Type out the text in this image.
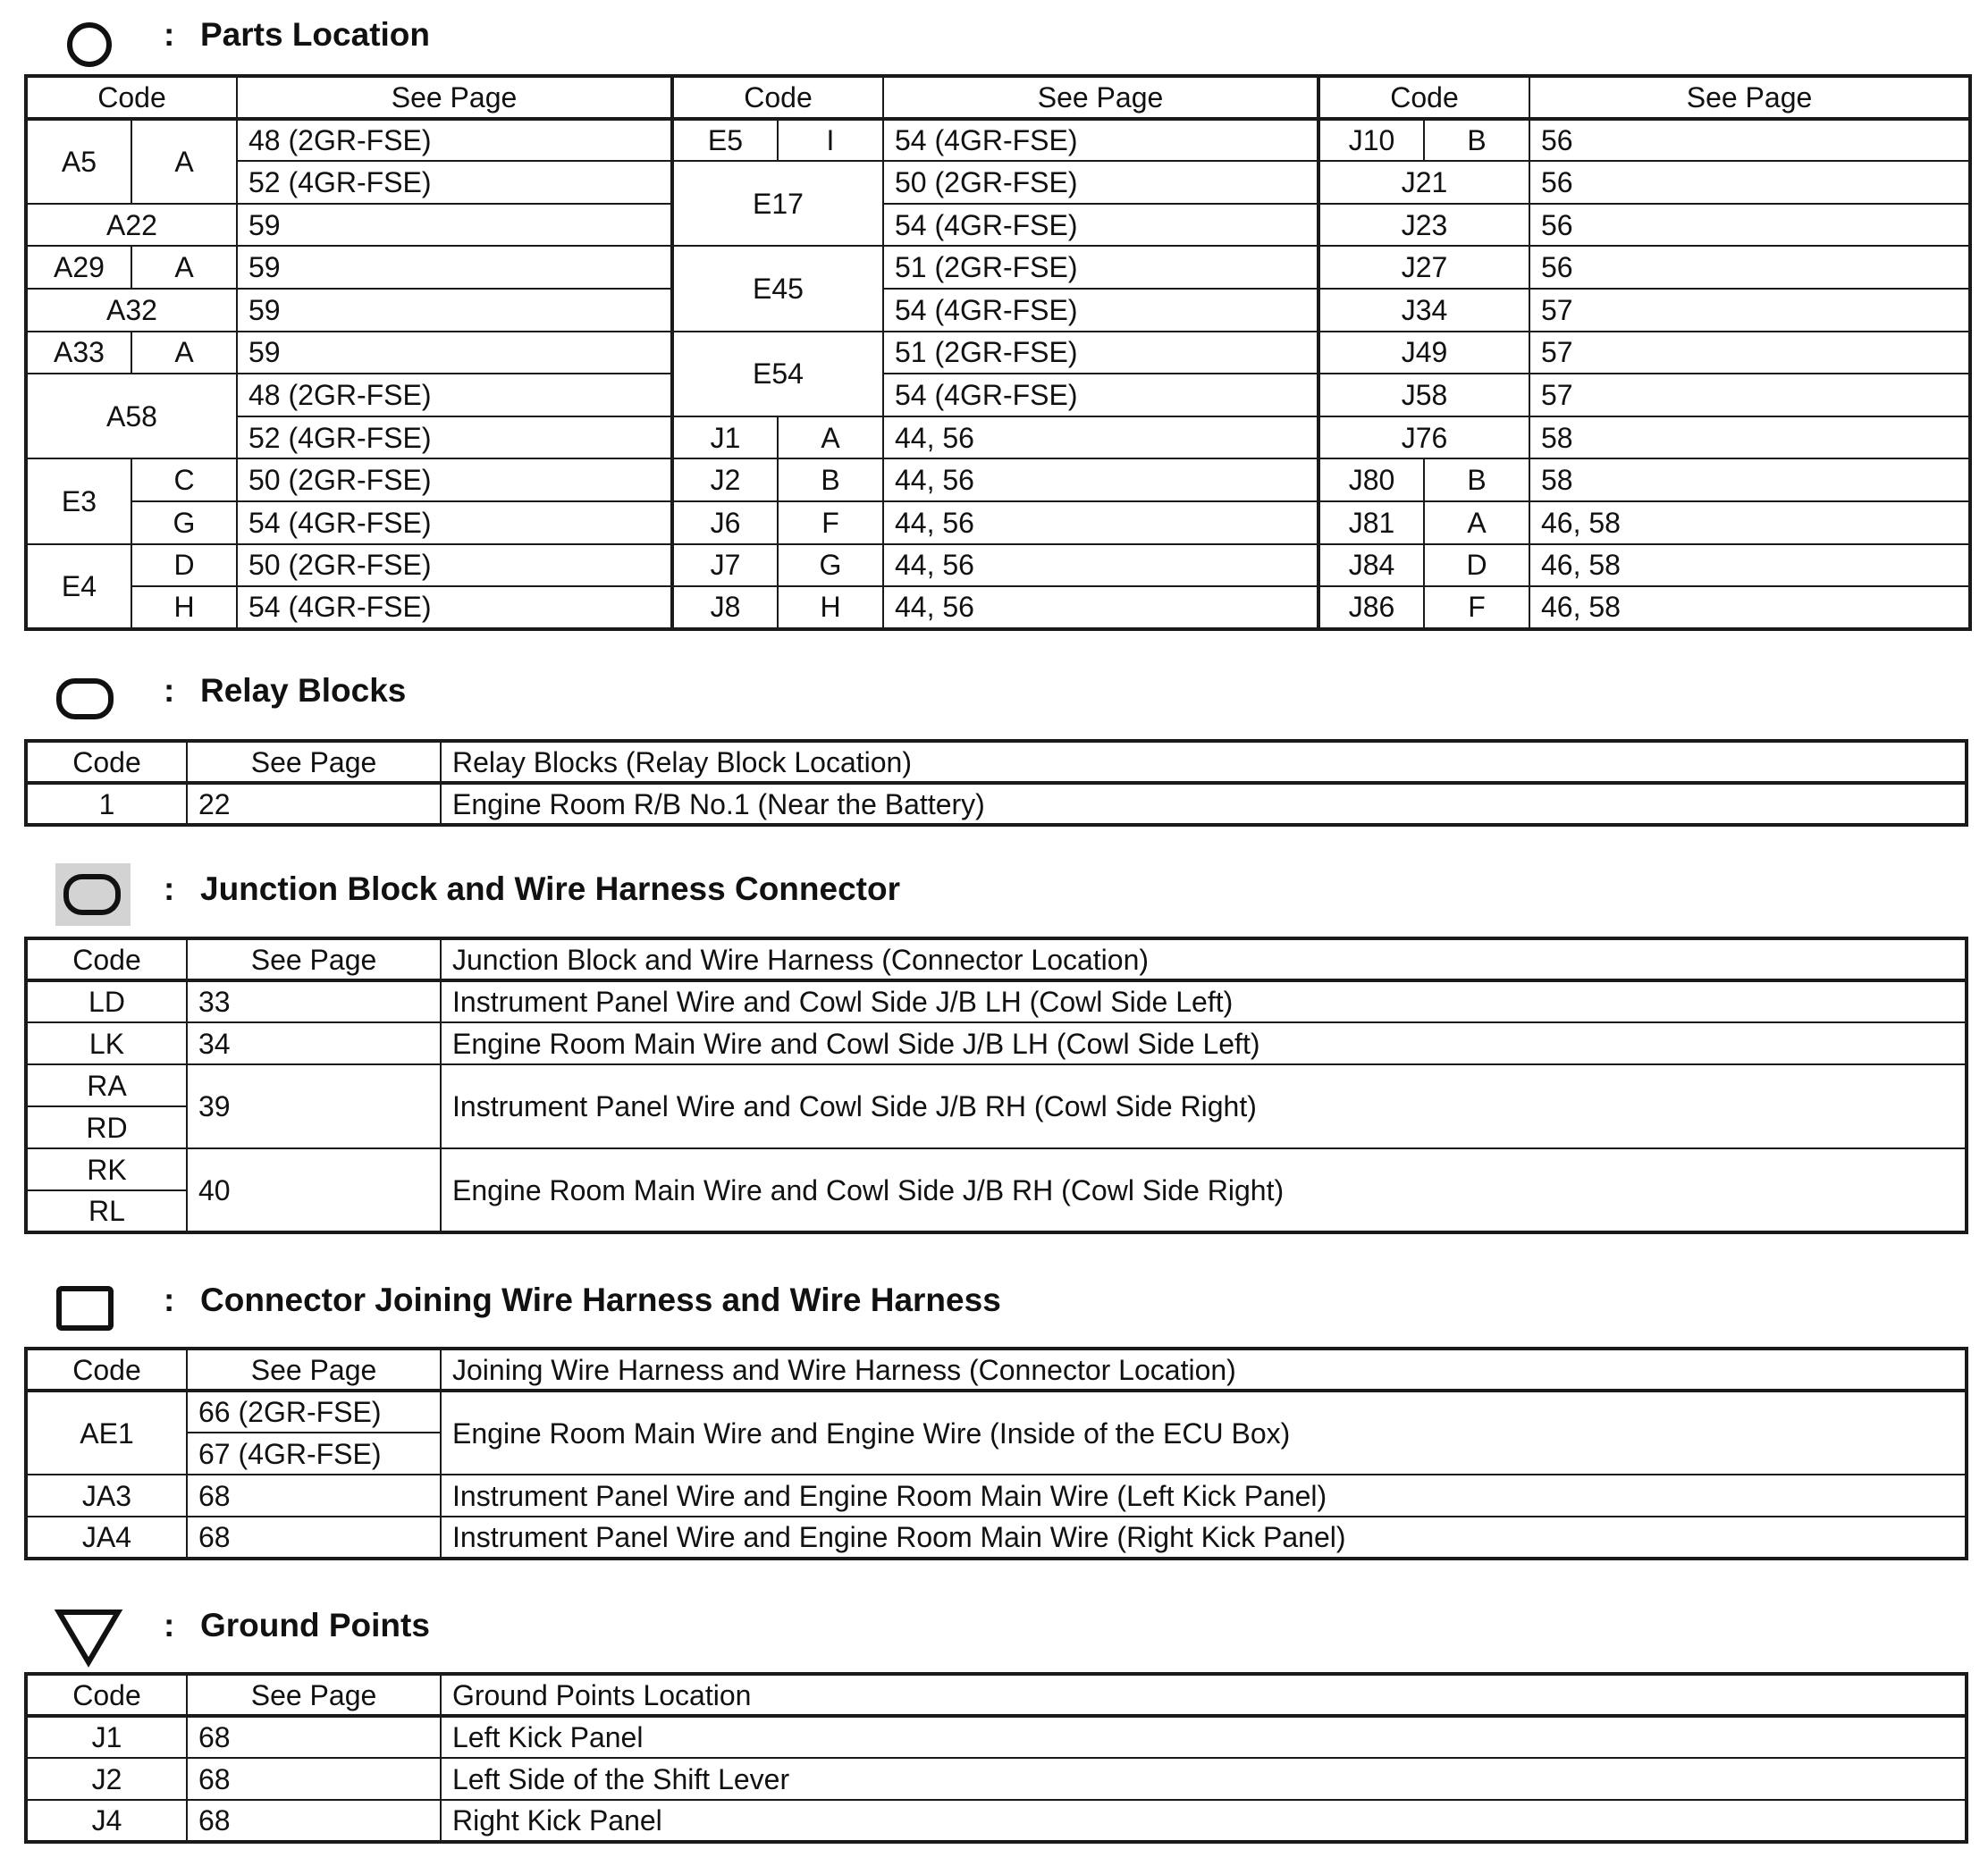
: Parts Location
Code		See Page	Code		See Page	Code		See Page
A5	A	48 (2GR-FSE)	E5	I	54 (4GR-FSE)	J10	B	56
		52 (4GR-FSE)	E17		50 (2GR-FSE)	J21		56
A22		59			54 (4GR-FSE)	J23		56
A29	A	59	E45		51 (2GR-FSE)	J27		56
A32		59			54 (4GR-FSE)	J34		57
A33	A	59	E54		51 (2GR-FSE)	J49		57
A58		48 (2GR-FSE)			54 (4GR-FSE)	J58		57
		52 (4GR-FSE)	J1	A	44, 56	J76		58
E3	C	50 (2GR-FSE)	J2	B	44, 56	J80	B	58
	G	54 (4GR-FSE)	J6	F	44, 56	J81	A	46, 58
E4	D	50 (2GR-FSE)	J7	G	44, 56	J84	D	46, 58
	H	54 (4GR-FSE)	J8	H	44, 56	J86	F	46, 58
: Relay Blocks
Code	See Page	Relay Blocks (Relay Block Location)
1	22	Engine Room R/B No.1 (Near the Battery)
: Junction Block and Wire Harness Connector
Code	See Page	Junction Block and Wire Harness (Connector Location)
LD	33	Instrument Panel Wire and Cowl Side J/B LH (Cowl Side Left)
LK	34	Engine Room Main Wire and Cowl Side J/B LH (Cowl Side Left)
RA	39	Instrument Panel Wire and Cowl Side J/B RH (Cowl Side Right)
RD		
RK	40	Engine Room Main Wire and Cowl Side J/B RH (Cowl Side Right)
RL		
: Connector Joining Wire Harness and Wire Harness
Code	See Page	Joining Wire Harness and Wire Harness (Connector Location)
AE1	66 (2GR-FSE)	Engine Room Main Wire and Engine Wire (Inside of the ECU Box)
	67 (4GR-FSE)	
JA3	68	Instrument Panel Wire and Engine Room Main Wire (Left Kick Panel)
JA4	68	Instrument Panel Wire and Engine Room Main Wire (Right Kick Panel)
: Ground Points
Code	See Page	Ground Points Location
J1	68	Left Kick Panel
J2	68	Left Side of the Shift Lever
J4	68	Right Kick Panel
